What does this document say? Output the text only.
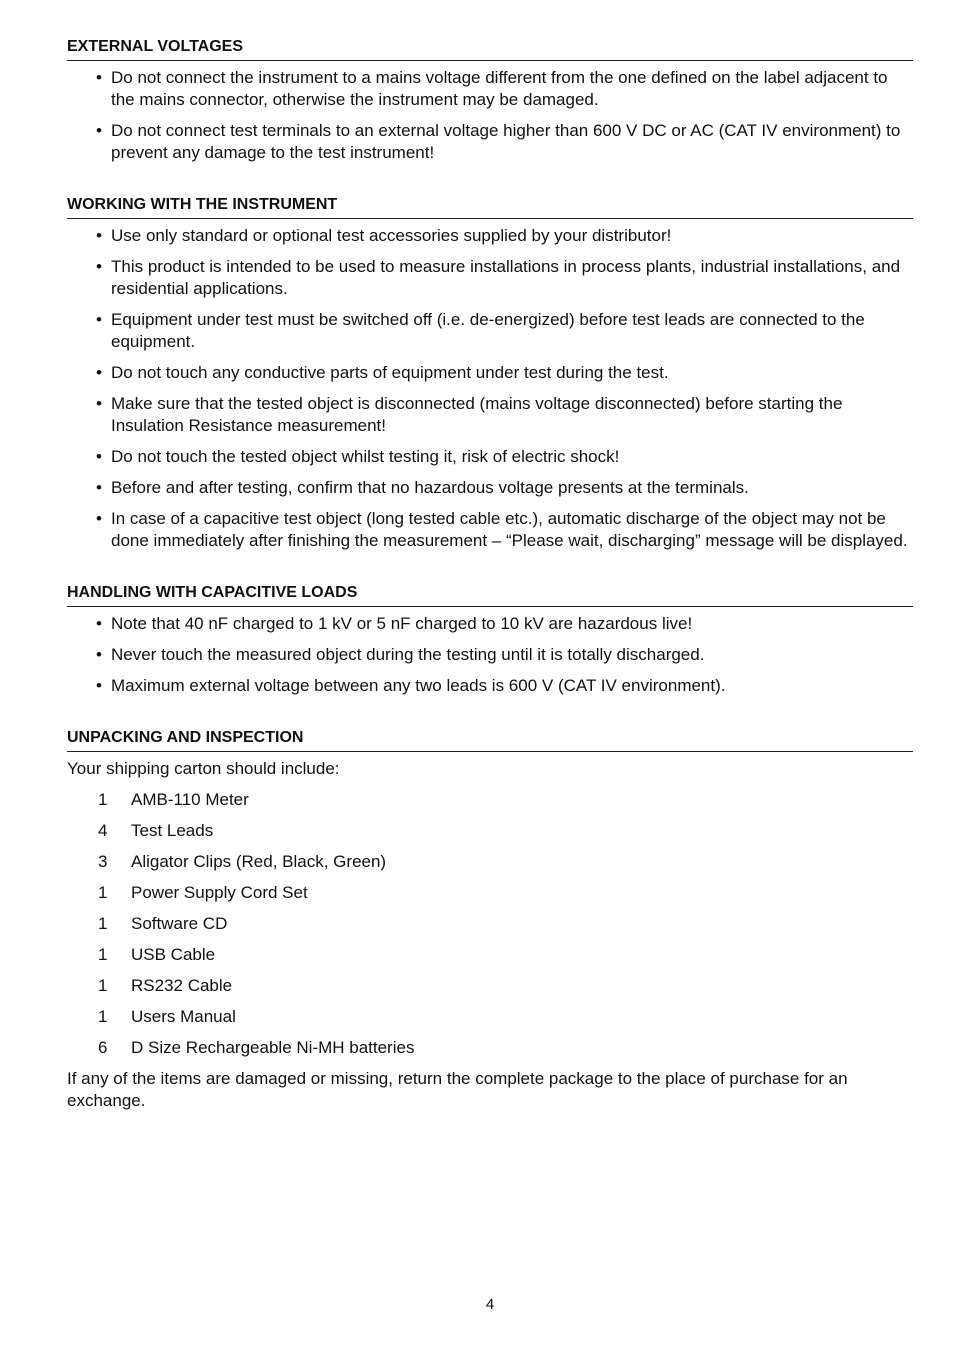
EXTERNAL VOLTAGES
• Do not connect the instrument to a mains voltage different from the one defined on the label adjacent to the mains connector, otherwise the instrument may be damaged.
• Do not connect test terminals to an external voltage higher than 600 V DC or AC (CAT IV environment) to prevent any damage to the test instrument!
WORKING WITH THE INSTRUMENT
• Use only standard or optional test accessories supplied by your distributor!
• This product is intended to be used to measure installations in process plants, industrial installations, and residential applications.
• Equipment under test must be switched off (i.e. de-energized) before test leads are connected to the equipment.
• Do not touch any conductive parts of equipment under test during the test.
• Make sure that the tested object is disconnected (mains voltage disconnected) before starting the Insulation Resistance measurement!
• Do not touch the tested object whilst testing it, risk of electric shock!
• Before and after testing, confirm that no hazardous voltage presents at the terminals.
• In case of a capacitive test object (long tested cable etc.), automatic discharge of the object may not be done immediately after finishing the measurement – “Please wait, discharging” message will be displayed.
HANDLING WITH CAPACITIVE LOADS
• Note that 40 nF charged to 1 kV or 5 nF charged to 10 kV are hazardous live!
• Never touch the measured object during the testing until it is totally discharged.
• Maximum external voltage between any two leads is 600 V (CAT IV environment).
UNPACKING AND INSPECTION

Your shipping carton should include:

1	AMB-110 Meter
4	Test Leads
3	Aligator Clips (Red, Black, Green)
1	Power Supply Cord Set
1	Software CD
1	USB Cable
1	RS232 Cable
1	Users Manual
6	D Size Rechargeable Ni-MH batteries

If any of the items are damaged or missing, return the complete package to the place of purchase for an exchange.

4
